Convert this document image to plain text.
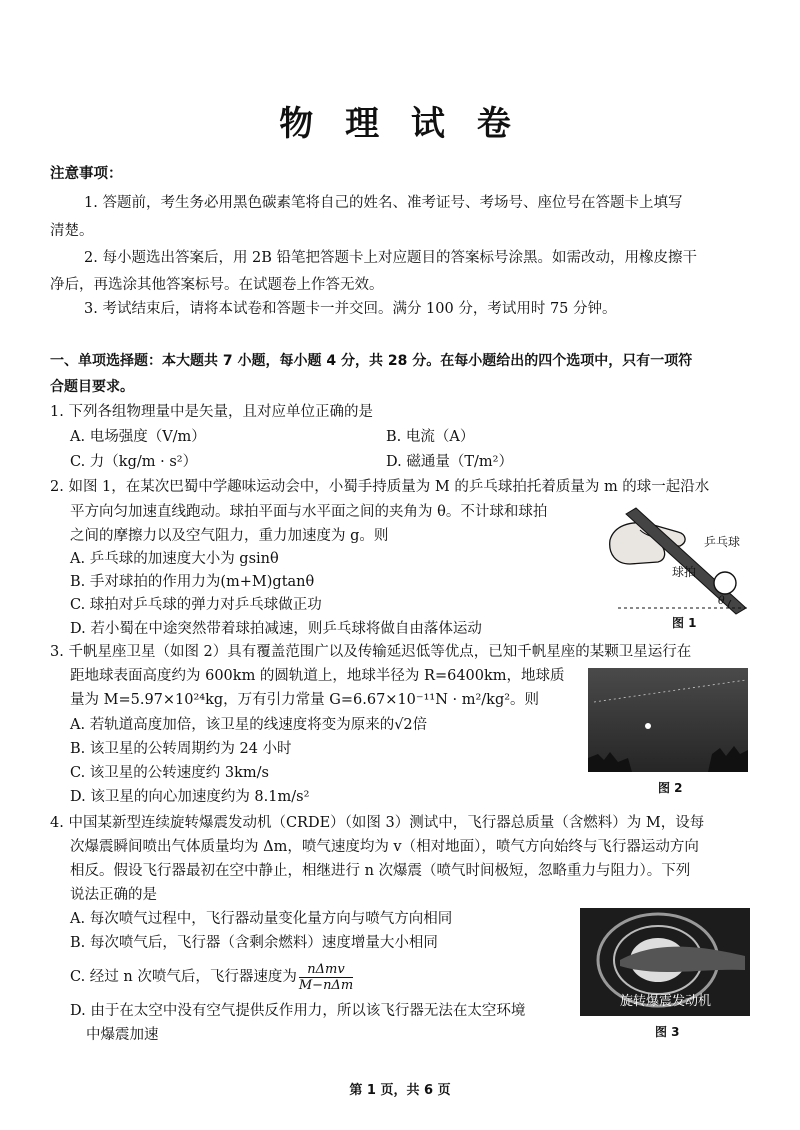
物 理 试 卷
注意事项：
1. 答题前，考生务必用黑色碳素笔将自己的姓名、准考证号、考场号、座位号在答题卡上填写
清楚。
2. 每小题选出答案后，用 2B 铅笔把答题卡上对应题目的答案标号涂黑。如需改动，用橡皮擦干
净后，再选涂其他答案标号。在试题卷上作答无效。
3. 考试结束后，请将本试卷和答题卡一并交回。满分 100 分，考试用时 75 分钟。
一、单项选择题：本大题共 7 小题，每小题 4 分，共 28 分。在每小题给出的四个选项中，只有一项符
合题目要求。
1. 下列各组物理量中是矢量，且对应单位正确的是
A. 电场强度（V/m）	B. 电流（A）
C. 力（kg/m · s²）	D. 磁通量（T/m²）
2. 如图 1，在某次巴蜀中学趣味运动会中，小蜀手持质量为 M 的乒乓球拍托着质量为 m 的球一起沿水
平方向匀加速直线跑动。球拍平面与水平面之间的夹角为 θ。不计球和球拍
之间的摩擦力以及空气阻力，重力加速度为 g。则
A. 乒乓球的加速度大小为 gsinθ
B. 手对球拍的作用力为(m+M)gtanθ
C. 球拍对乒乓球的弹力对乒乓球做正功
D. 若小蜀在中途突然带着球拍减速，则乒乓球将做自由落体运动
乒乓球
球拍
θ
图 1
3. 千帆星座卫星（如图 2）具有覆盖范围广以及传输延迟低等优点，已知千帆星座的某颗卫星运行在
距地球表面高度约为 600km 的圆轨道上，地球半径为 R=6400km，地球质
量为 M=5.97×10²⁴kg，万有引力常量 G=6.67×10⁻¹¹N · m²/kg²。则
A. 若轨道高度加倍，该卫星的线速度将变为原来的√2倍
B. 该卫星的公转周期约为 24 小时
C. 该卫星的公转速度约 3km/s
D. 该卫星的向心加速度约为 8.1m/s²
图 2
4. 中国某新型连续旋转爆震发动机（CRDE）（如图 3）测试中，飞行器总质量（含燃料）为 M，设每
次爆震瞬间喷出气体质量均为 Δm，喷气速度均为 v（相对地面），喷气方向始终与飞行器运动方向
相反。假设飞行器最初在空中静止，相继进行 n 次爆震（喷气时间极短，忽略重力与阻力）。下列
说法正确的是
A. 每次喷气过程中，飞行器动量变化量方向与喷气方向相同
B. 每次喷气后，飞行器（含剩余燃料）速度增量大小相同
C. 经过 n 次喷气后，飞行器速度为 $\frac{\text{nΔmv}}{\text{M−nΔm}}$
D. 由于在太空中没有空气提供反作用力，所以该飞行器无法在太空环境
中爆震加速
旋转爆震发动机
图 3
第 1 页，共 6 页
